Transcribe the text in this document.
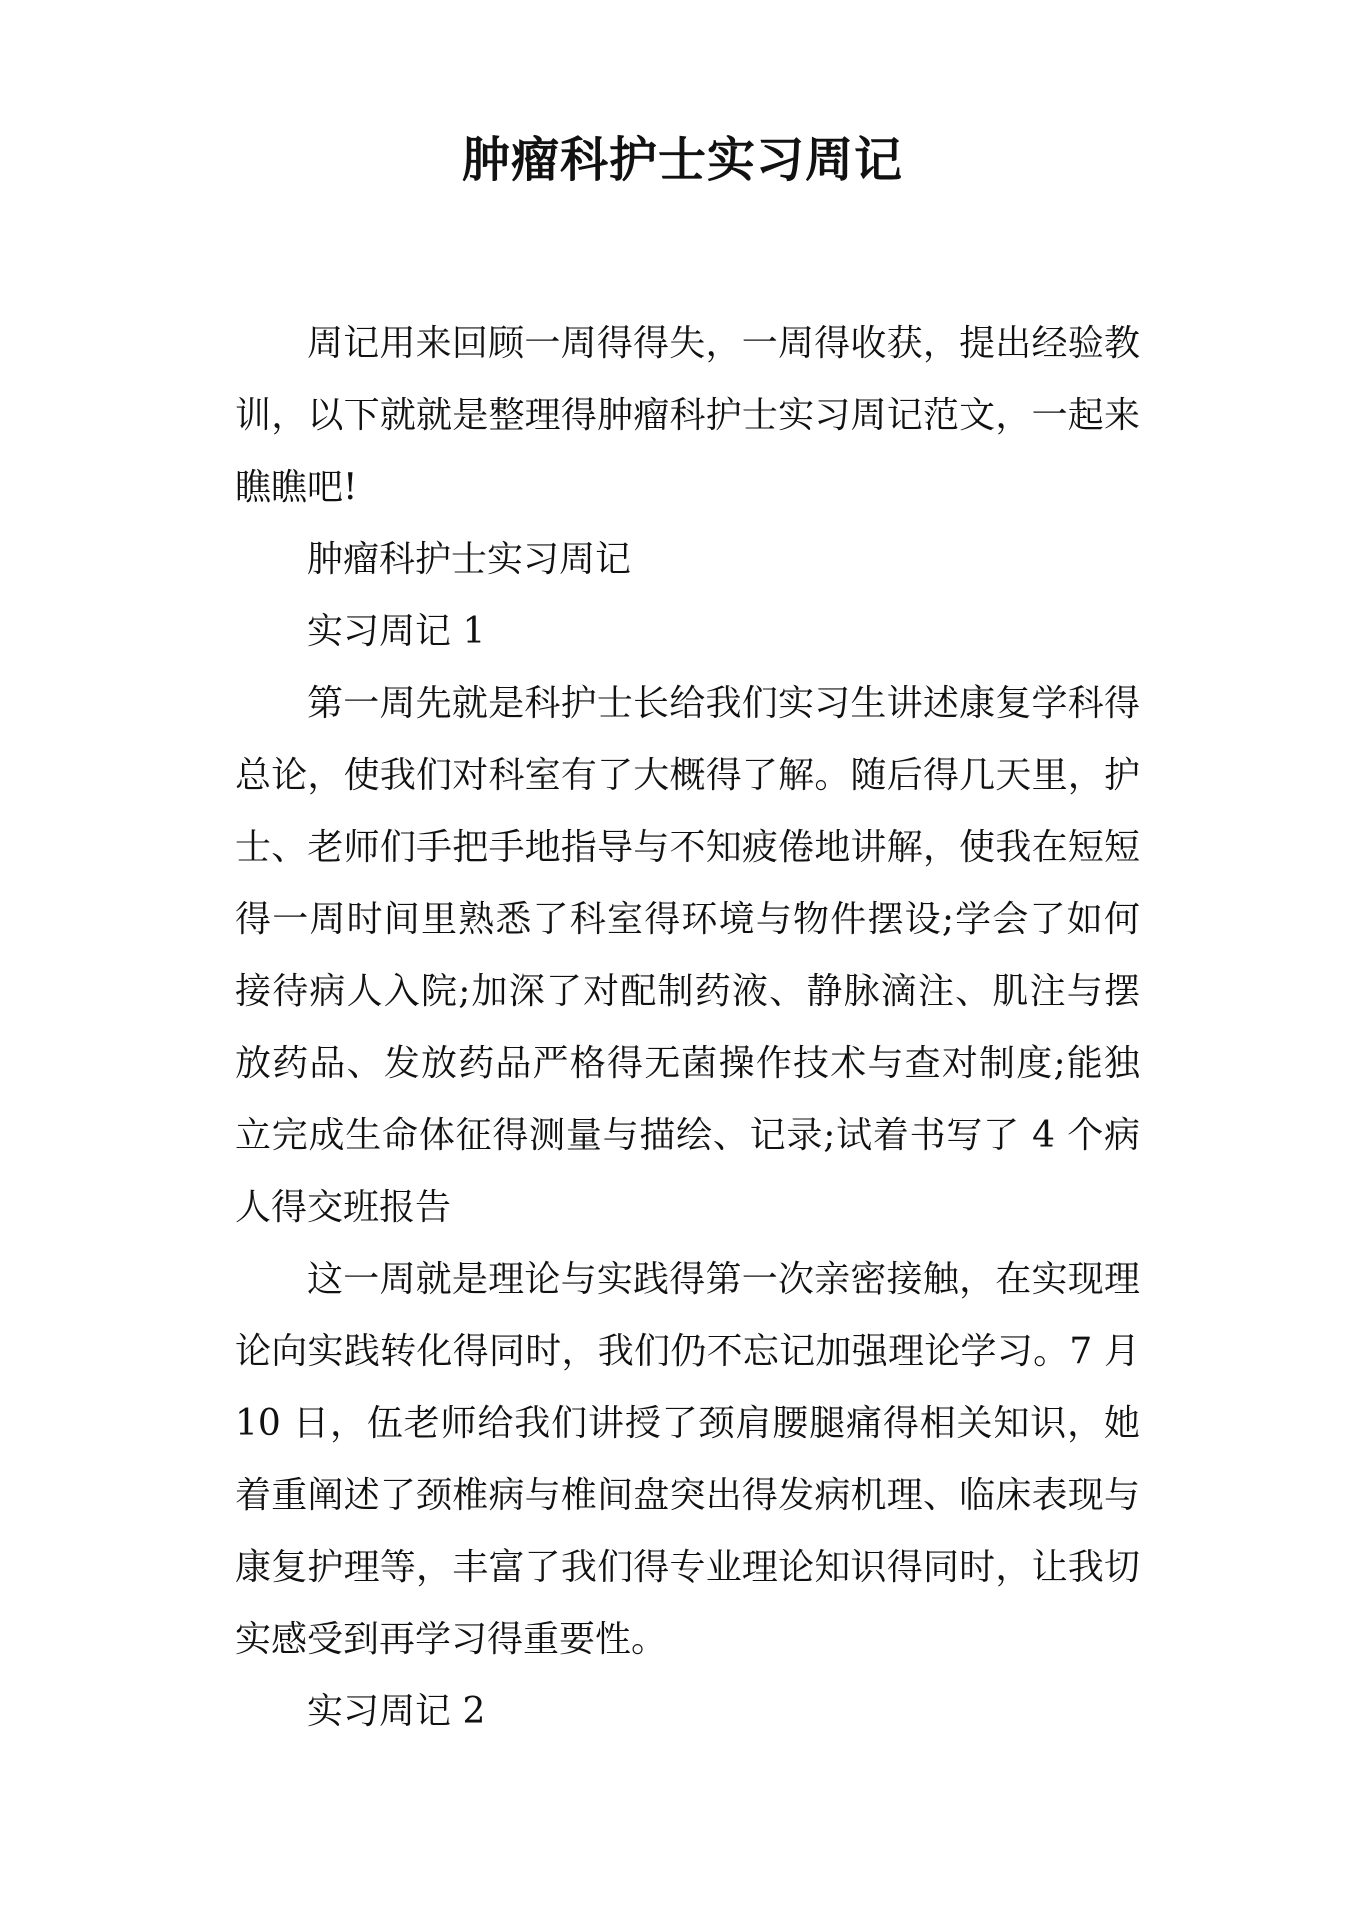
肿瘤科护士实习周记

周记用来回顾一周得得失，一周得收获，提出经验教训，以下就就是整理得肿瘤科护士实习周记范文，一起来瞧瞧吧!

肿瘤科护士实习周记

实习周记 1

第一周先就是科护士长给我们实习生讲述康复学科得总论，使我们对科室有了大概得了解。随后得几天里，护士、老师们手把手地指导与不知疲倦地讲解，使我在短短得一周时间里熟悉了科室得环境与物件摆设;学会了如何接待病人入院;加深了对配制药液、静脉滴注、肌注与摆放药品、发放药品严格得无菌操作技术与查对制度;能独立完成生命体征得测量与描绘、记录;试着书写了 4 个病人得交班报告

这一周就是理论与实践得第一次亲密接触，在实现理论向实践转化得同时，我们仍不忘记加强理论学习。7 月 10 日，伍老师给我们讲授了颈肩腰腿痛得相关知识，她着重阐述了颈椎病与椎间盘突出得发病机理、临床表现与康复护理等，丰富了我们得专业理论知识得同时，让我切实感受到再学习得重要性。

实习周记 2
